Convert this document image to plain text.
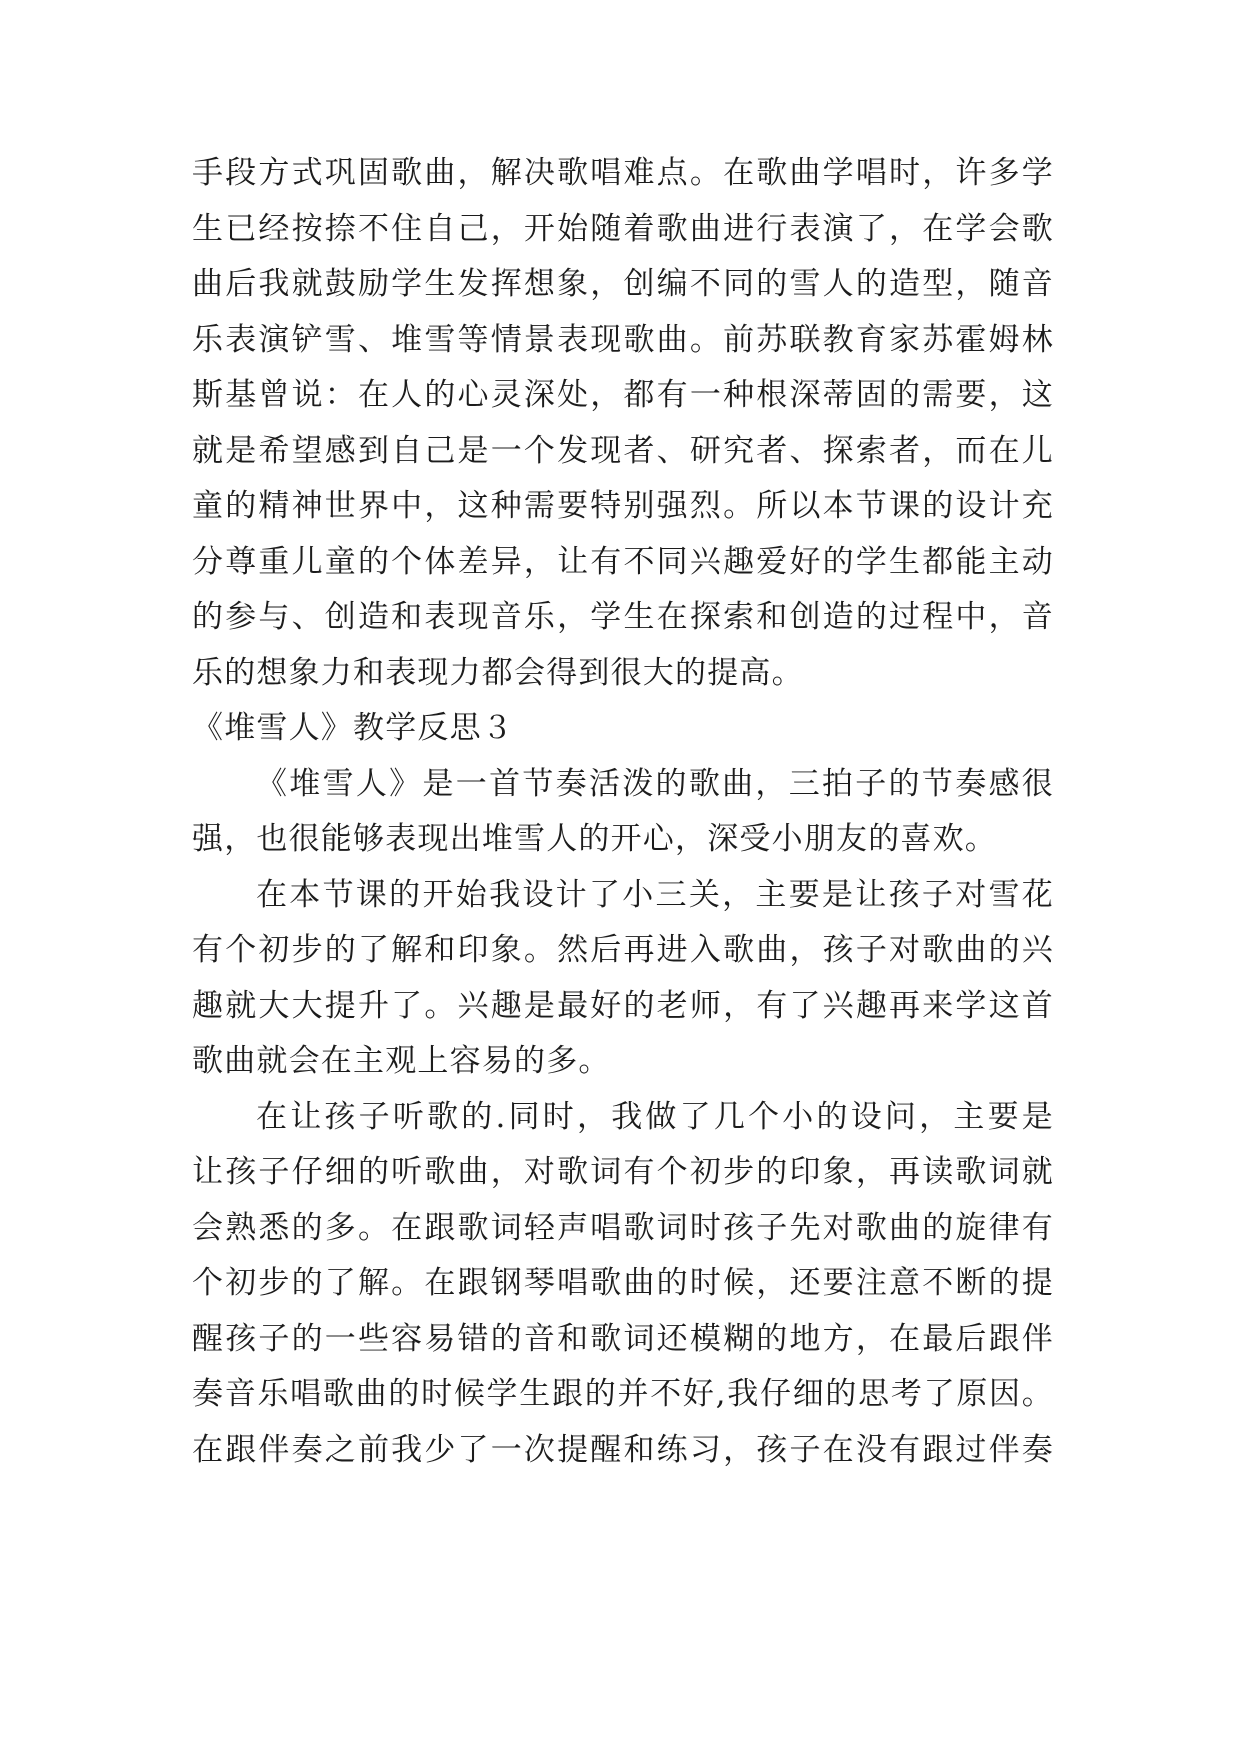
手段方式巩固歌曲，解决歌唱难点。在歌曲学唱时，许多学
生已经按捺不住自己，开始随着歌曲进行表演了，在学会歌
曲后我就鼓励学生发挥想象，创编不同的雪人的造型，随音
乐表演铲雪、堆雪等情景表现歌曲。前苏联教育家苏霍姆林
斯基曾说：在人的心灵深处，都有一种根深蒂固的需要，这
就是希望感到自己是一个发现者、研究者、探索者，而在儿
童的精神世界中，这种需要特别强烈。所以本节课的设计充
分尊重儿童的个体差异，让有不同兴趣爱好的学生都能主动
的参与、创造和表现音乐，学生在探索和创造的过程中，音
乐的想象力和表现力都会得到很大的提高。
《堆雪人》教学反思３
《堆雪人》是一首节奏活泼的歌曲，三拍子的节奏感很
强，也很能够表现出堆雪人的开心，深受小朋友的喜欢。
在本节课的开始我设计了小三关，主要是让孩子对雪花
有个初步的了解和印象。然后再进入歌曲，孩子对歌曲的兴
趣就大大提升了。兴趣是最好的老师，有了兴趣再来学这首
歌曲就会在主观上容易的多。
在让孩子听歌的.同时，我做了几个小的设问，主要是
让孩子仔细的听歌曲，对歌词有个初步的印象，再读歌词就
会熟悉的多。在跟歌词轻声唱歌词时孩子先对歌曲的旋律有
个初步的了解。在跟钢琴唱歌曲的时候，还要注意不断的提
醒孩子的一些容易错的音和歌词还模糊的地方，在最后跟伴
奏音乐唱歌曲的时候学生跟的并不好,我仔细的思考了原因。
在跟伴奏之前我少了一次提醒和练习，孩子在没有跟过伴奏
